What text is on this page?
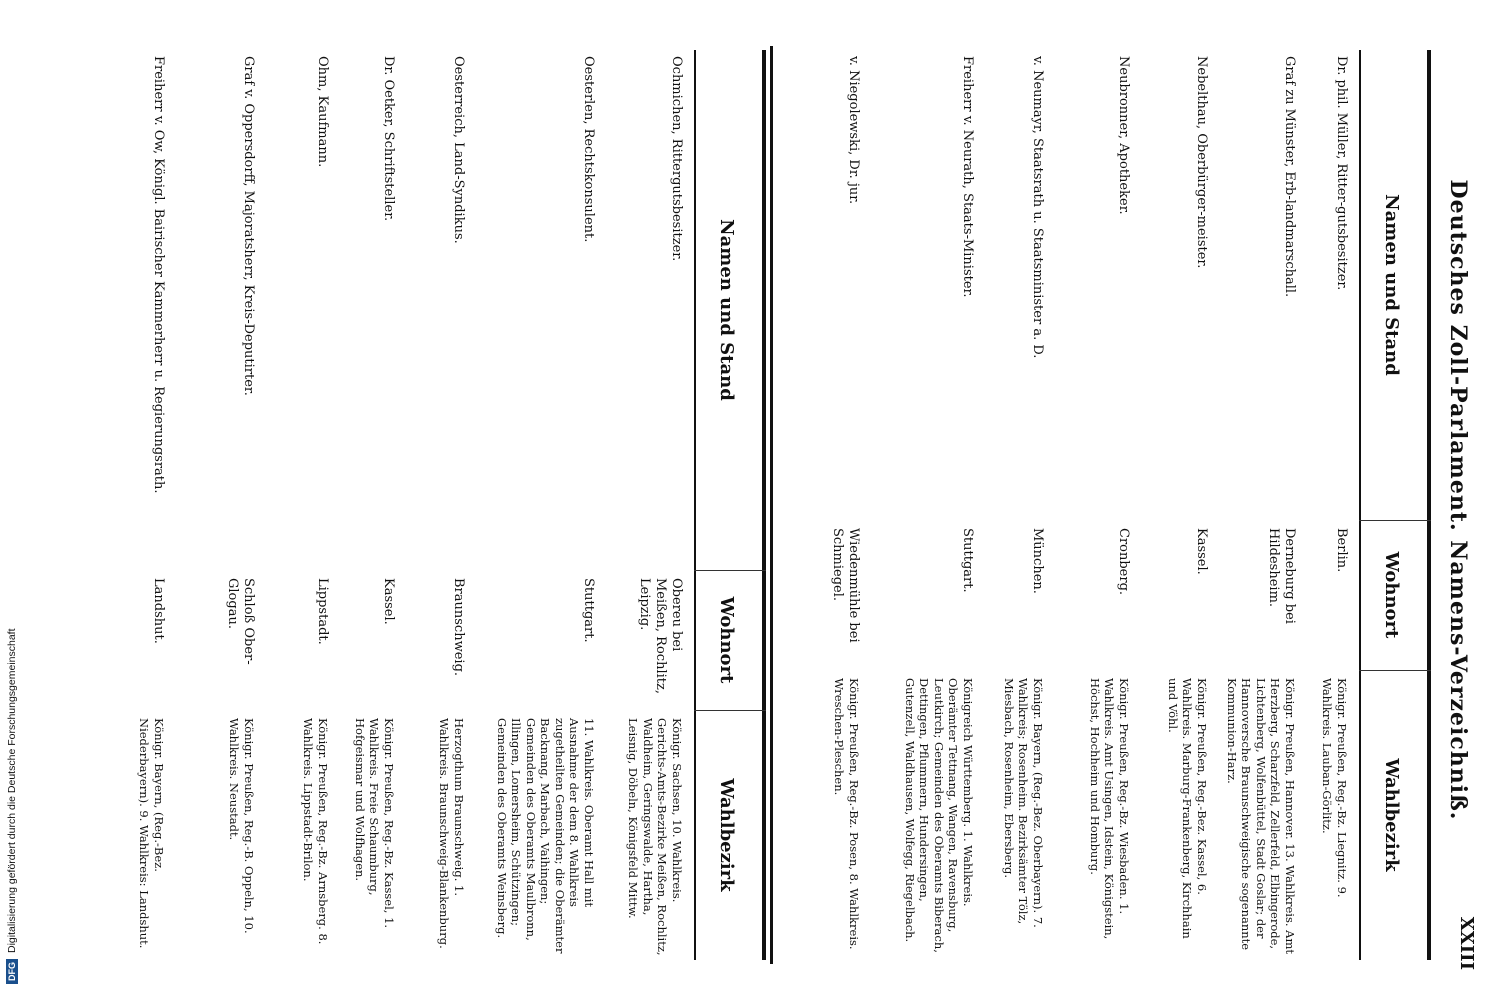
Deutsches Zoll-Parlament. Namens-Verzeichniß.
XXIII
Namen und Stand
Wohnort
Wahlbezirk
Dr. phil. Müller, Ritter-gutsbesitzer.
Berlin.
Königr. Preußen, Reg.-Bz. Liegnitz. 9. Wahlkreis. Lauban-Görlitz.
Graf zu Münster, Erb-landmarschall.
Derneburg bei Hildesheim.
Königr. Preußen, Hannover. 13. Wahlkreis. Amt Herzberg, Scharzfeld, Zellerfeld, Elbingerode, Lichtenberg, Wolfenbüttel, Stadt Goslar; der Hannoversche Braunschweigische sogenannte Kommunion-Harz.
Nebelthau, Oberbürger-meister.
Kassel.
Königr. Preußen, Reg.-Bez. Kassel, 6. Wahlkreis. Marburg-Frankenberg, Kirchhain und Vöhl.
Neubronner, Apotheker.
Cronberg.
Königr. Preußen, Reg.-Bz. Wiesbaden. 1. Wahlkreis. Amt Usingen, Idstein, Königstein, Höchst, Hochheim und Homburg.
v. Neumayr, Staatsrath u. Staatsminister a. D.
München.
Königr. Bayern, (Reg.-Bez. Oberbayern). 7. Wahlkreis; Rosenheim. Bezirksämter Tölz, Miesbach, Rosenheim, Ebersberg.
Freiherr v. Neurath, Staats-Minister.
Stuttgart.
Königreich Württemberg. 1. Wahlkreis. Oberämter Tettnang, Wangen, Ravensburg, Leutkirch; Gemeinden des Oberamts Biberach, Dettingen, Pflummern, Hundersingen, Gutenzell, Waldhausen, Wolfegg, Riegelbach.
v. Niegolewski, Dr. jur.
Wiedenmühle bei Schmiegel.
Königr. Preußen, Reg.-Bz. Posen, 8. Wahlkreis. Wreschen-Pleschen.
Namen und Stand
Wohnort
Wahlbezirk
Ochmichen, Rittergutsbesitzer.
Obereu bei Meißen, Rochlitz, Leipzig.
Königr. Sachsen, 10. Wahlkreis. Gerichts-Amts-Bezirke Meißen, Rochlitz, Waldheim, Geringswalde, Hartha, Leisnig, Döbeln, Königsfeld Mittw.
Oesterlen, Rechtskonsulent.
Stuttgart.
11. Wahlkreis. Oberamt Hall mit Ausnahme der dem 8. Wahlkreis zugetheilten Gemeinden; die Oberämter Backnang, Marbach, Vaihingen; Gemeinden des Oberamts Maulbronn, Illingen, Lomersheim, Schützingen; Gemeinden des Oberamts Weinsberg.
Oesterreich, Land-Syndikus.
Braunschweig.
Herzogthum Braunschweig. 1. Wahlkreis. Braunschweig-Blankenburg.
Dr. Oetker, Schriftsteller.
Kassel.
Königr. Preußen, Reg.-Bz. Kassel, 1. Wahlkreis. Freie Schaumburg, Hofgeismar und Wolfhagen.
Ohm, Kaufmann.
Lippstadt.
Königr. Preußen, Reg.-Bz. Arnsberg. 8. Wahlkreis. Lippstadt-Brilon.
Graf v. Oppersdorff, Majoratsherr, Kreis-Deputirter.
Schloß Ober-Glogau.
Königr. Preußen, Reg.-B. Oppeln, 10. Wahlkreis. Neustadt.
Freiherr v. Ow, Königl. Bairischer Kammerherr u. Regierungsrath.
Landshut.
Königr. Bayern, (Reg.-Bez. Niederbayern). 9. Wahlkreis: Landshut.
DFG
Digitalisierung gefördert durch die Deutsche Forschungsgemeinschaft
